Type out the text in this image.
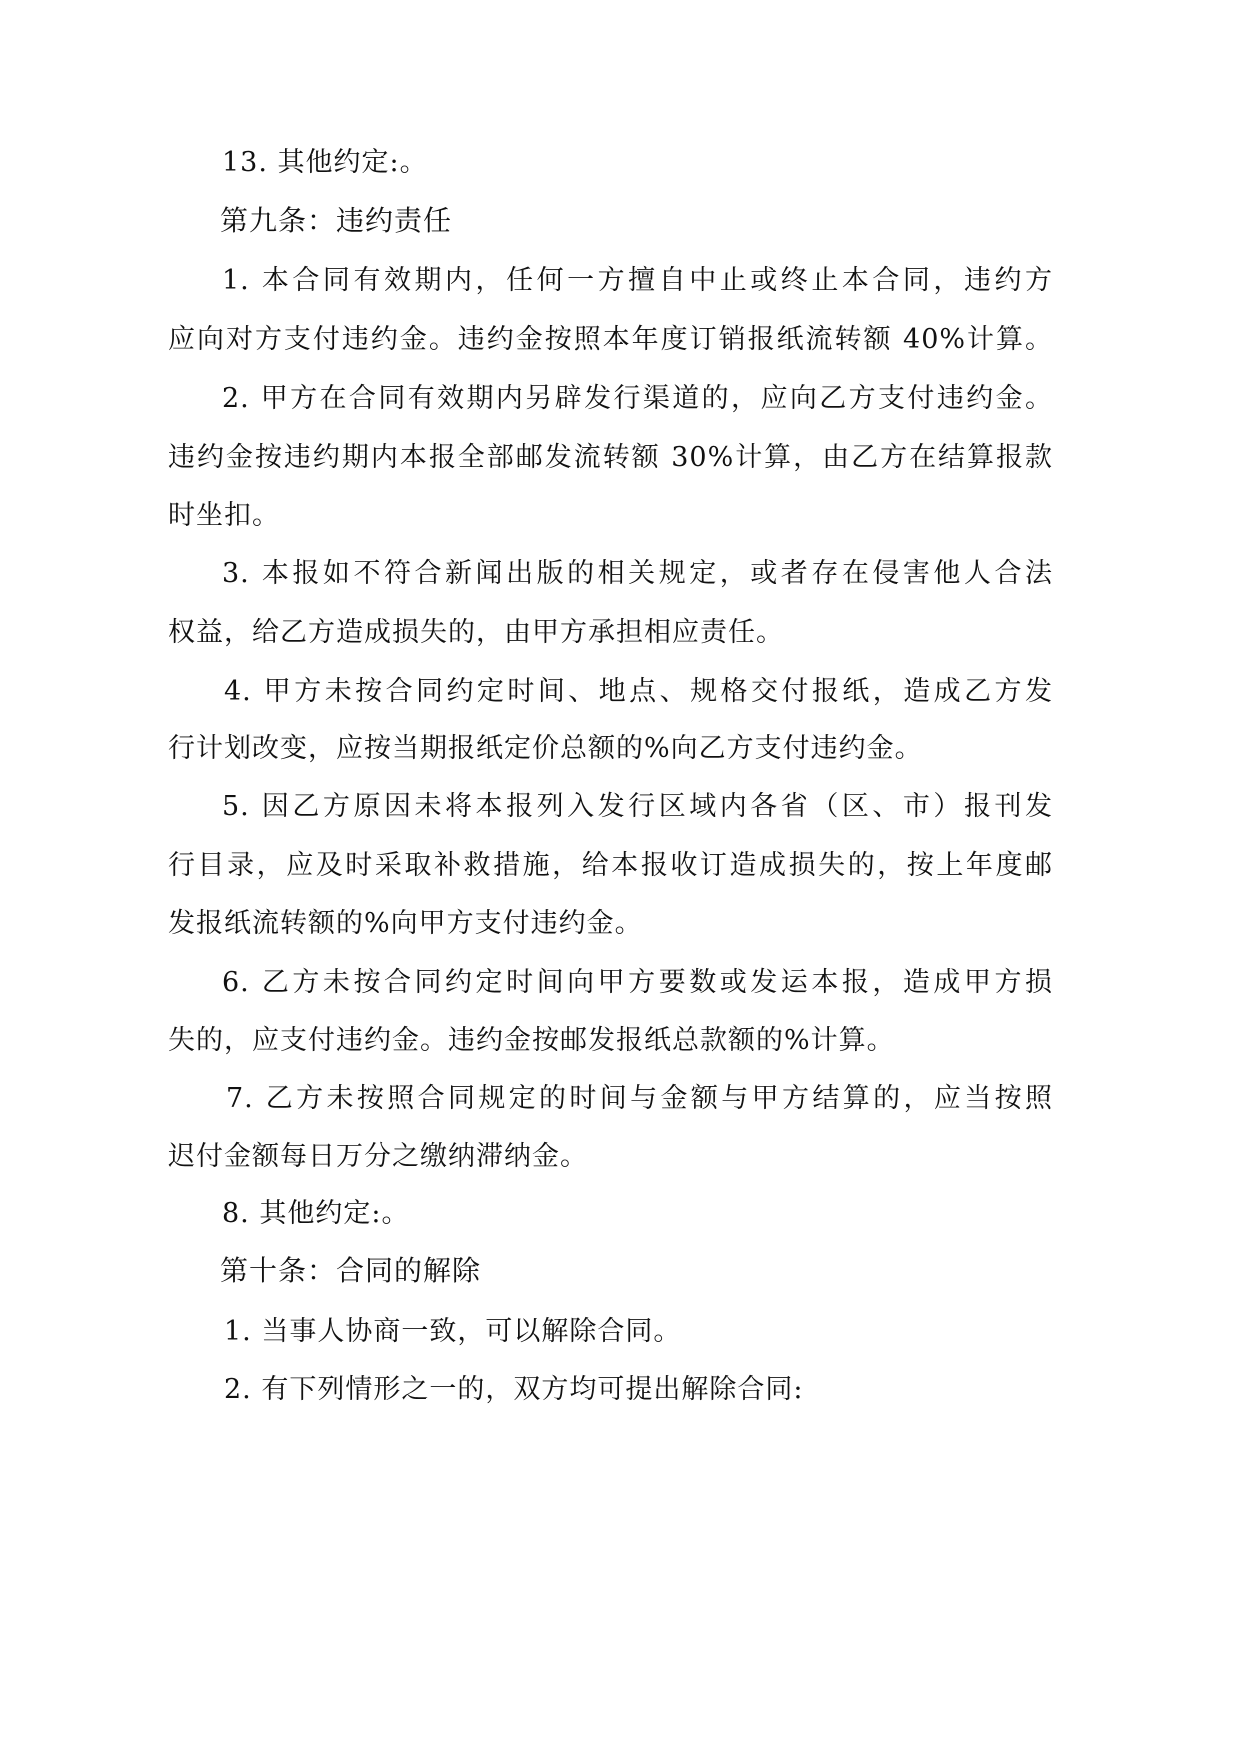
13. 其他约定:。
第九条：违约责任
1. 本合同有效期内，任何一方擅自中止或终止本合同，违约方
应向对方支付违约金。违约金按照本年度订销报纸流转额 40%计算。
2. 甲方在合同有效期内另辟发行渠道的，应向乙方支付违约金。
违约金按违约期内本报全部邮发流转额 30%计算，由乙方在结算报款
时坐扣。
3. 本报如不符合新闻出版的相关规定，或者存在侵害他人合法
权益，给乙方造成损失的，由甲方承担相应责任。
4. 甲方未按合同约定时间、地点、规格交付报纸，造成乙方发
行计划改变，应按当期报纸定价总额的%向乙方支付违约金。
5. 因乙方原因未将本报列入发行区域内各省（区、市）报刊发
行目录，应及时采取补救措施，给本报收订造成损失的，按上年度邮
发报纸流转额的%向甲方支付违约金。
6. 乙方未按合同约定时间向甲方要数或发运本报，造成甲方损
失的，应支付违约金。违约金按邮发报纸总款额的%计算。
7. 乙方未按照合同规定的时间与金额与甲方结算的，应当按照
迟付金额每日万分之缴纳滞纳金。
8. 其他约定:。
第十条：合同的解除
1. 当事人协商一致，可以解除合同。
2. 有下列情形之一的，双方均可提出解除合同:
